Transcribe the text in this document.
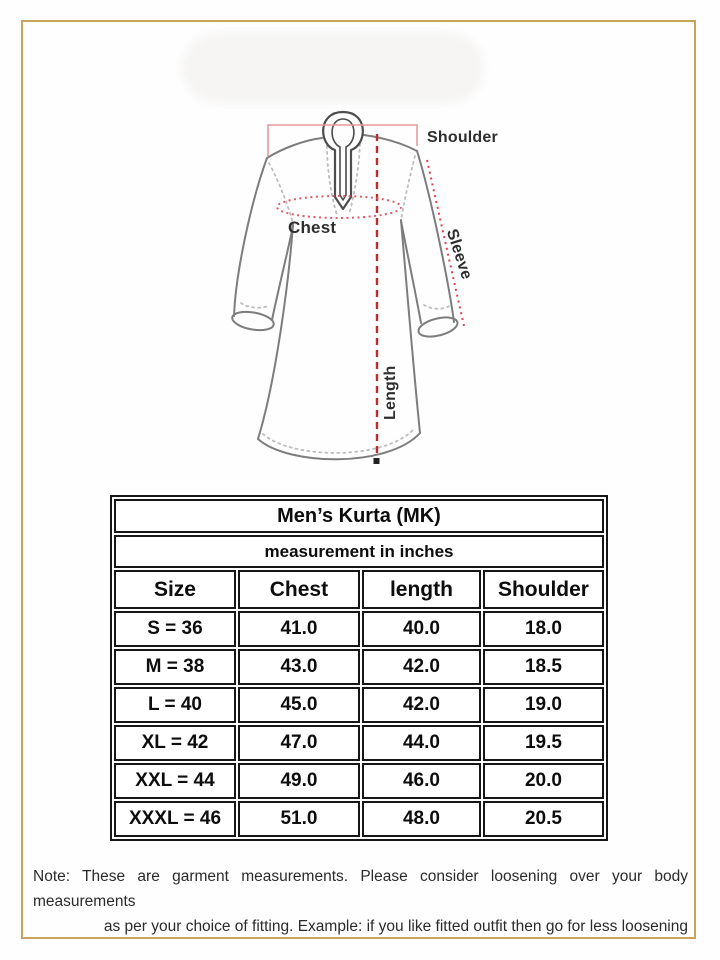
Shoulder
Chest	Sleeve
Length
Men’s Kurta (MK)			
measurement in inches			
Size	Chest	length	Shoulder
S = 36	41.0	40.0	18.0
M = 38	43.0	42.0	18.5
L = 40	45.0	42.0	19.0
XL = 42	47.0	44.0	19.5
XXL = 44	49.0	46.0	20.0
XXXL = 46	51.0	48.0	20.5
Note: These are garment measurements. Please consider loosening over your body measurements
as per your choice of fitting. Example: if you like fitted outfit then go for less loosening
